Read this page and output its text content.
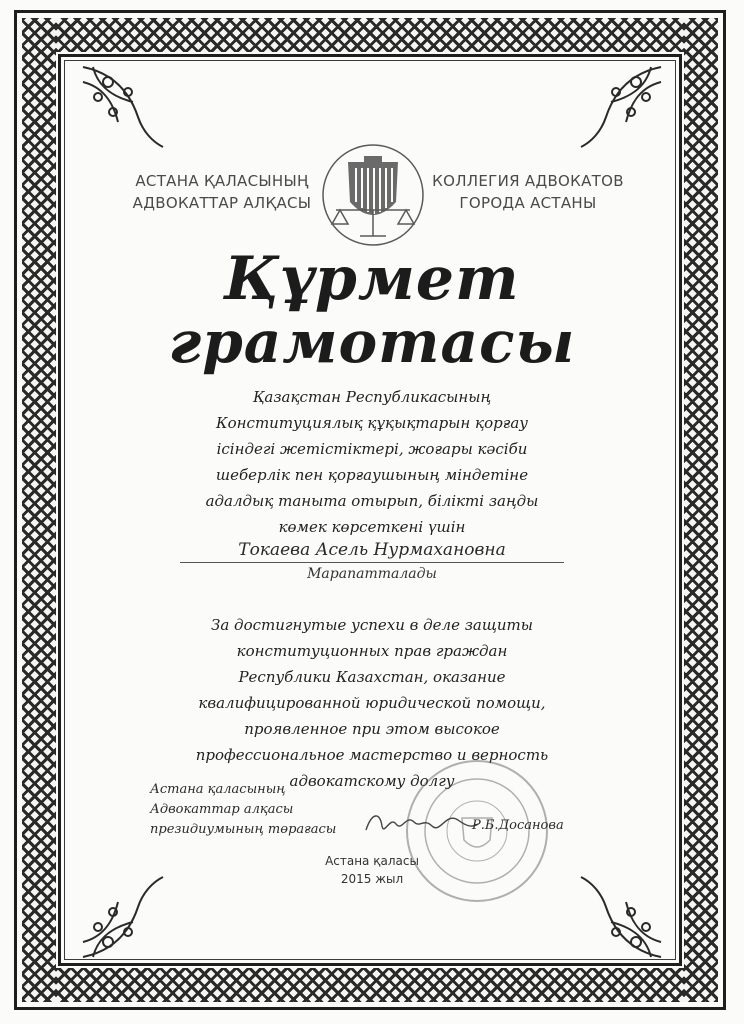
АСТАНА ҚАЛАСЫНЫҢ
АДВОКАТТАР АЛҚАСЫ
КОЛЛЕГИЯ АДВОКАТОВ
ГОРОДА АСТАНЫ
Құрмет
грамотасы
Қазақстан Республикасының
Конституциялық құқықтарын қорғау
ісіндегі жетістіктері, жоғары кәсіби
шеберлік пен қорғаушының міндетіне
адалдық таныта отырып, білікті заңды
көмек көрсеткені үшін
Токаева Асель Нурмахановна
Марапатталады
За достигнутые успехи в деле защиты
конституционных прав граждан
Республики Казахстан, оказание
квалифицированной юридической помощи,
проявленное при этом высокое
профессиональное мастерство и верность
адвокатскому долгу
Астана қаласының
Адвокаттар алқасы
президиумының төрағасы	Р.Б.Досанова
Астана қаласы
2015 жыл
